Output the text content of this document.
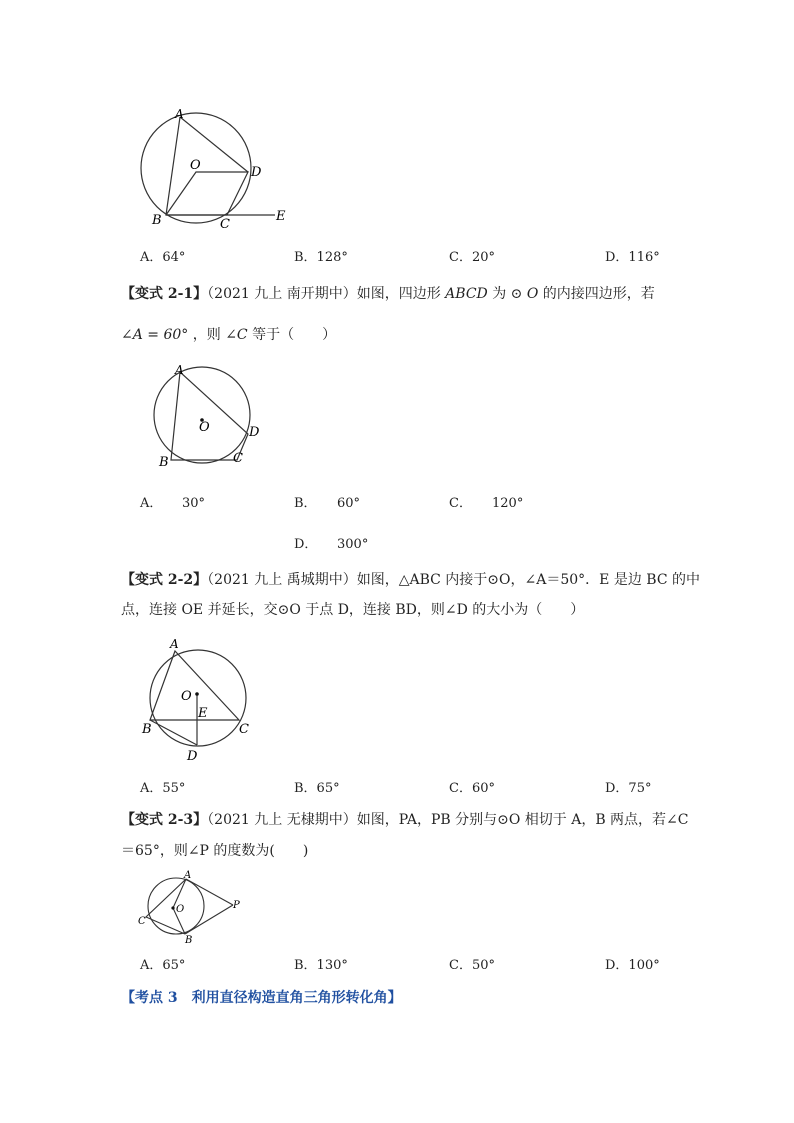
A
O	D
B	C
E
A．64°	B．128°	C．20°	D．116°
【变式 2-1】（2021 九上 南开期中）如图，四边形 ABCD 为 ⊙ O 的内接四边形，若
∠A = 60° ，则 ∠C 等于（　　）
A
O	D
B	C
A． 30°	B． 60°	C． 120°
D． 300°
【变式 2-2】（2021 九上 禹城期中）如图，△ABC 内接于⊙O，∠A＝50°．E 是边 BC 的中
点，连接 OE 并延长，交⊙O 于点 D，连接 BD，则∠D 的大小为（　　）
A
O
E
B	C
D
A．55°	B．65°	C．60°	D．75°
【变式 2-3】（2021 九上 无棣期中）如图，PA，PB 分别与⊙O 相切于 A，B 两点，若∠C
＝65°，则∠P 的度数为(　　)
A
O
C
B
P
A．65°	B．130°	C．50°	D．100°
【考点 3　利用直径构造直角三角形转化角】
